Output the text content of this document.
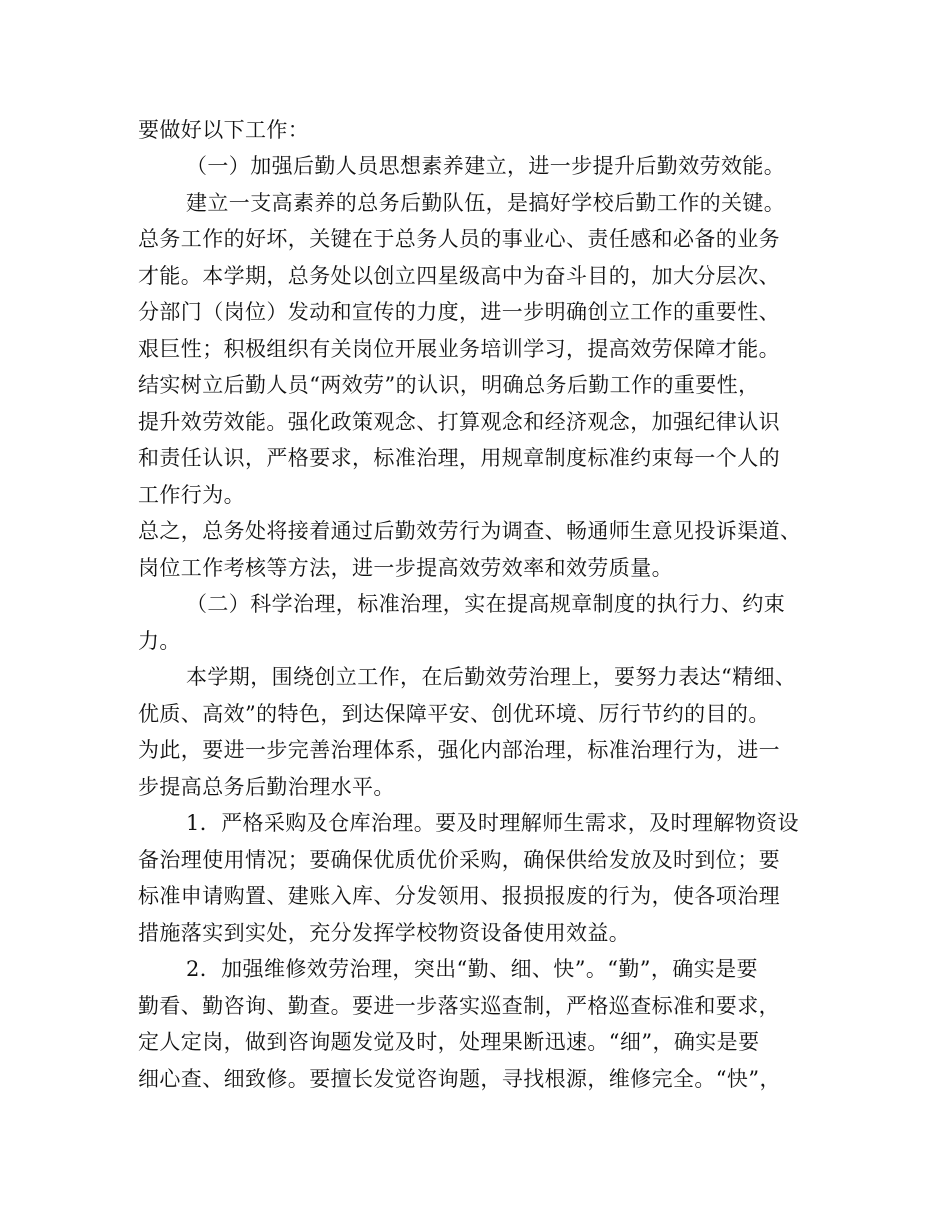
要做好以下工作：
（一）加强后勤人员思想素养建立，进一步提升后勤效劳效能。
建立一支高素养的总务后勤队伍，是搞好学校后勤工作的关键。
总务工作的好坏，关键在于总务人员的事业心、责任感和必备的业务
才能。本学期，总务处以创立四星级高中为奋斗目的，加大分层次、
分部门（岗位）发动和宣传的力度，进一步明确创立工作的重要性、
艰巨性；积极组织有关岗位开展业务培训学习，提高效劳保障才能。
结实树立后勤人员“两效劳”的认识，明确总务后勤工作的重要性，
提升效劳效能。强化政策观念、打算观念和经济观念，加强纪律认识
和责任认识，严格要求，标准治理，用规章制度标准约束每一个人的
工作行为。
总之，总务处将接着通过后勤效劳行为调查、畅通师生意见投诉渠道、
岗位工作考核等方法，进一步提高效劳效率和效劳质量。
（二）科学治理，标准治理，实在提高规章制度的执行力、约束
力。
本学期，围绕创立工作，在后勤效劳治理上，要努力表达“精细、
优质、高效”的特色，到达保障平安、创优环境、厉行节约的目的。
为此，要进一步完善治理体系，强化内部治理，标准治理行为，进一
步提高总务后勤治理水平。
1．严格采购及仓库治理。要及时理解师生需求，及时理解物资设
备治理使用情况；要确保优质优价采购，确保供给发放及时到位；要
标准申请购置、建账入库、分发领用、报损报废的行为，使各项治理
措施落实到实处，充分发挥学校物资设备使用效益。
2．加强维修效劳治理，突出“勤、细、快”。“勤”，确实是要
勤看、勤咨询、勤查。要进一步落实巡查制，严格巡查标准和要求，
定人定岗，做到咨询题发觉及时，处理果断迅速。“细”，确实是要
细心查、细致修。要擅长发觉咨询题，寻找根源，维修完全。“快”，
